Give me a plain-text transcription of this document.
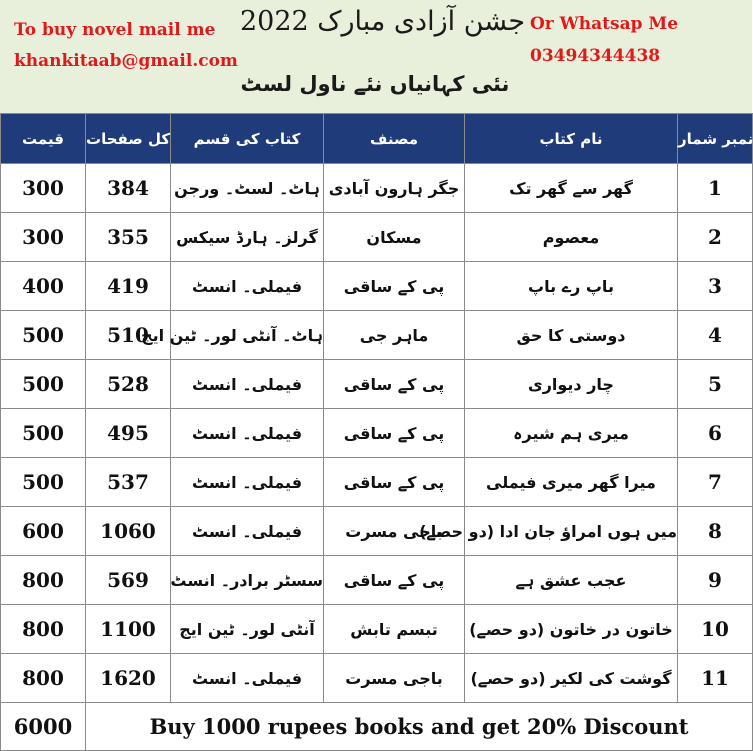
To buy novel mail me
khankitaab@gmail.com
جشن آزادی مبارک 2022
نئی کہانیاں نئے ناول لسٹ
Or Whatsap Me
03494344438
قیمت	کل صفحات	کتاب کی قسم	مصنف	نام کتاب	نمبر شمار
300	384	ہاٹ۔ لسٹ۔ ورجن	جگر ہارون آبادی	گھر سے گھر تک	1
300	355	گرلز۔ ہارڈ سیکس	مسکان	معصوم	2
400	419	فیملی۔ انسٹ	پی کے ساقی	باپ رے باپ	3
500	510	ہاٹ۔ آنٹی لور۔ ٹین ایج	ماہر جی	دوستی کا حق	4
500	528	فیملی۔ انسٹ	پی کے ساقی	چار دیواری	5
500	495	فیملی۔ انسٹ	پی کے ساقی	میری ہم شیرہ	6
500	537	فیملی۔ انسٹ	پی کے ساقی	میرا گھر میری فیملی	7
600	1060	فیملی۔ انسٹ	باجی مسرت	میں ہوں امراؤ جان ادا (دو حصے)	8
800	569	سسٹر برادر۔ انسٹ	پی کے ساقی	عجب عشق ہے	9
800	1100	آنٹی لور۔ ٹین ایج	تبسم تابش	خاتون در خاتون (دو حصے)	10
800	1620	فیملی۔ انسٹ	باجی مسرت	گوشت کی لکیر (دو حصے)	11
6000	Buy 1000 rupees books and get 20% Discount				
